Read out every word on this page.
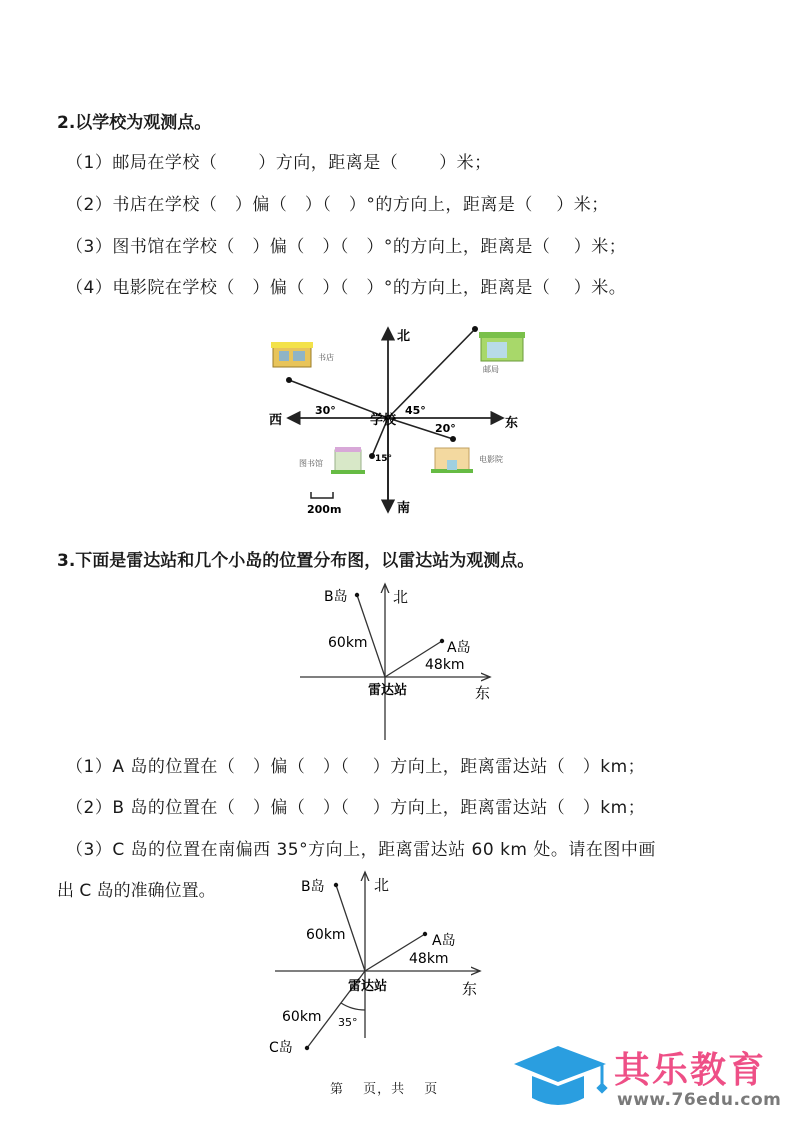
2.以学校为观测点。
（1）邮局在学校（　　 ）方向，距离是（　　 ）米；
（2）书店在学校（　）偏（　）（　）°的方向上，距离是（　 ）米；
（3）图书馆在学校（　）偏（　）（　）°的方向上，距离是（　 ）米；
（4）电影院在学校（　）偏（　）（　）°的方向上，距离是（　 ）米。
北
南
东
西	学校
30°	45°
20°
15°
书店
邮局
图书馆	电影院
200m
3.下面是雷达站和几个小岛的位置分布图，以雷达站为观测点。
北
东
雷达站
B岛
A岛
60km
48km
（1）A 岛的位置在（　）偏（　）（　 ）方向上，距离雷达站（　）km；
（2）B 岛的位置在（　）偏（　）（　 ）方向上，距离雷达站（　）km；
（3）C 岛的位置在南偏西 35°方向上，距离雷达站 60 km 处。请在图中画
出 C 岛的准确位置。	北
东
雷达站
B岛
A岛
C岛
60km
48km
60km 35°
第　 页，共　 页	其乐教育
www.76edu.com
